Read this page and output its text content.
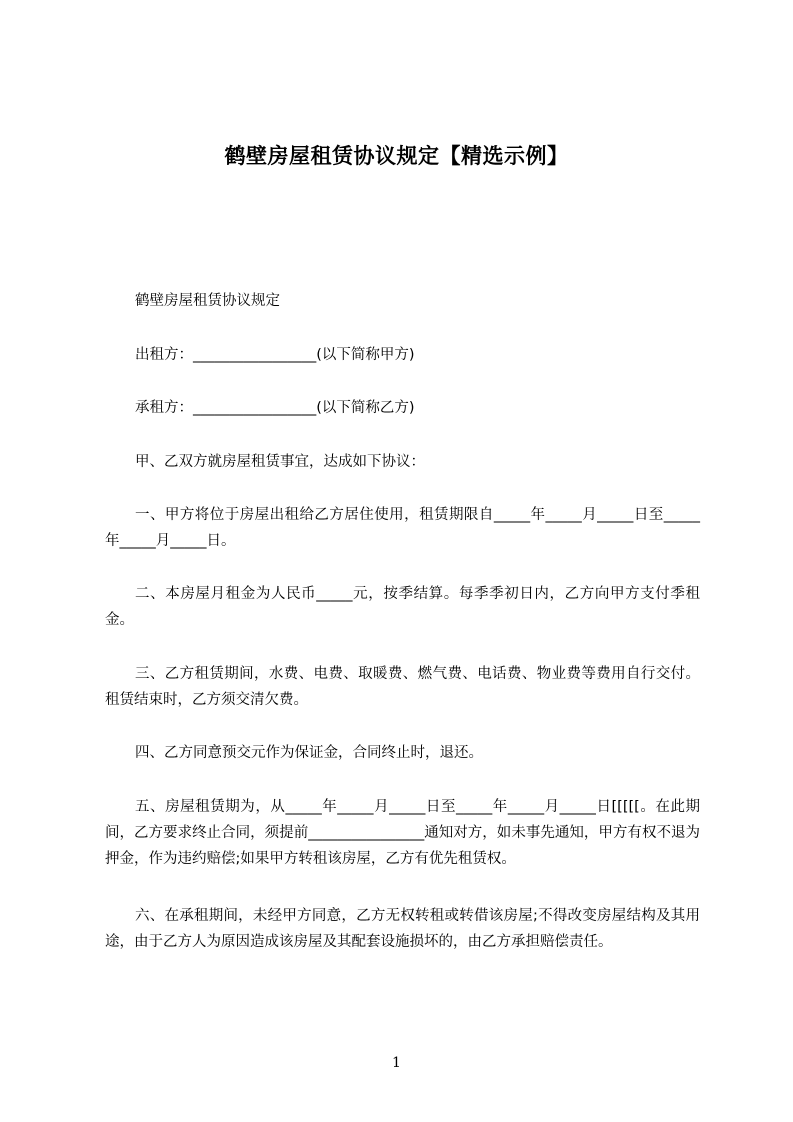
鹤壁房屋租赁协议规定【精选示例】
鹤壁房屋租赁协议规定
出租方：_________________(以下简称甲方)
承租方：_________________(以下简称乙方)
甲、乙双方就房屋租赁事宜，达成如下协议：
一、甲方将位于房屋出租给乙方居住使用，租赁期限自_____年_____月_____日至_____年_____月_____日。
二、本房屋月租金为人民币_____元，按季结算。每季季初日内，乙方向甲方支付季租金。
三、乙方租赁期间，水费、电费、取暖费、燃气费、电话费、物业费等费用自行交付。租赁结束时，乙方须交清欠费。
四、乙方同意预交元作为保证金，合同终止时，退还。
五、房屋租赁期为，从_____年_____月_____日至_____年_____月_____日[[[[[。在此期间，乙方要求终止合同，须提前________________通知对方，如未事先通知，甲方有权不退为押金，作为违约赔偿;如果甲方转租该房屋，乙方有优先租赁权。
六、在承租期间，未经甲方同意，乙方无权转租或转借该房屋;不得改变房屋结构及其用途，由于乙方人为原因造成该房屋及其配套设施损坏的，由乙方承担赔偿责任。
1
